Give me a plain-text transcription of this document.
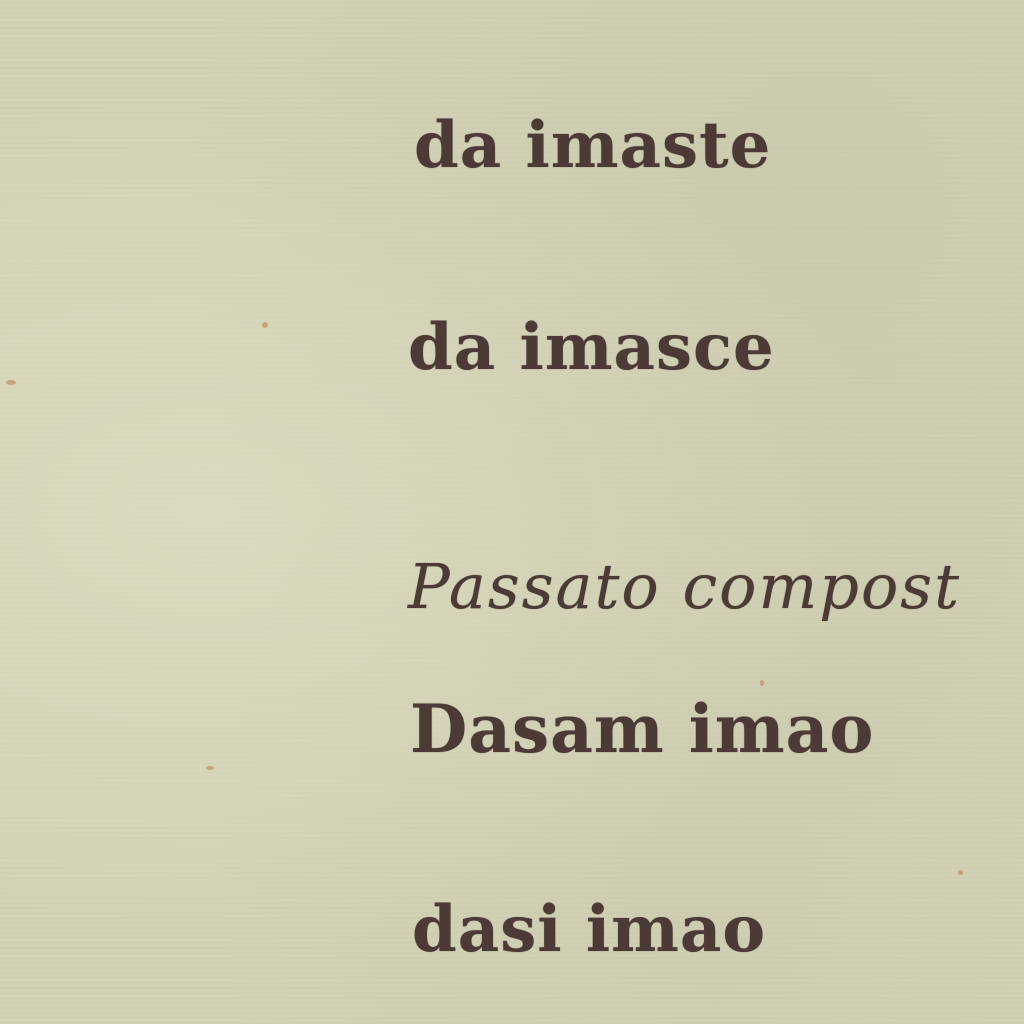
da imaste
da imasce
Passato compost
Dasam imao
dasi imao
